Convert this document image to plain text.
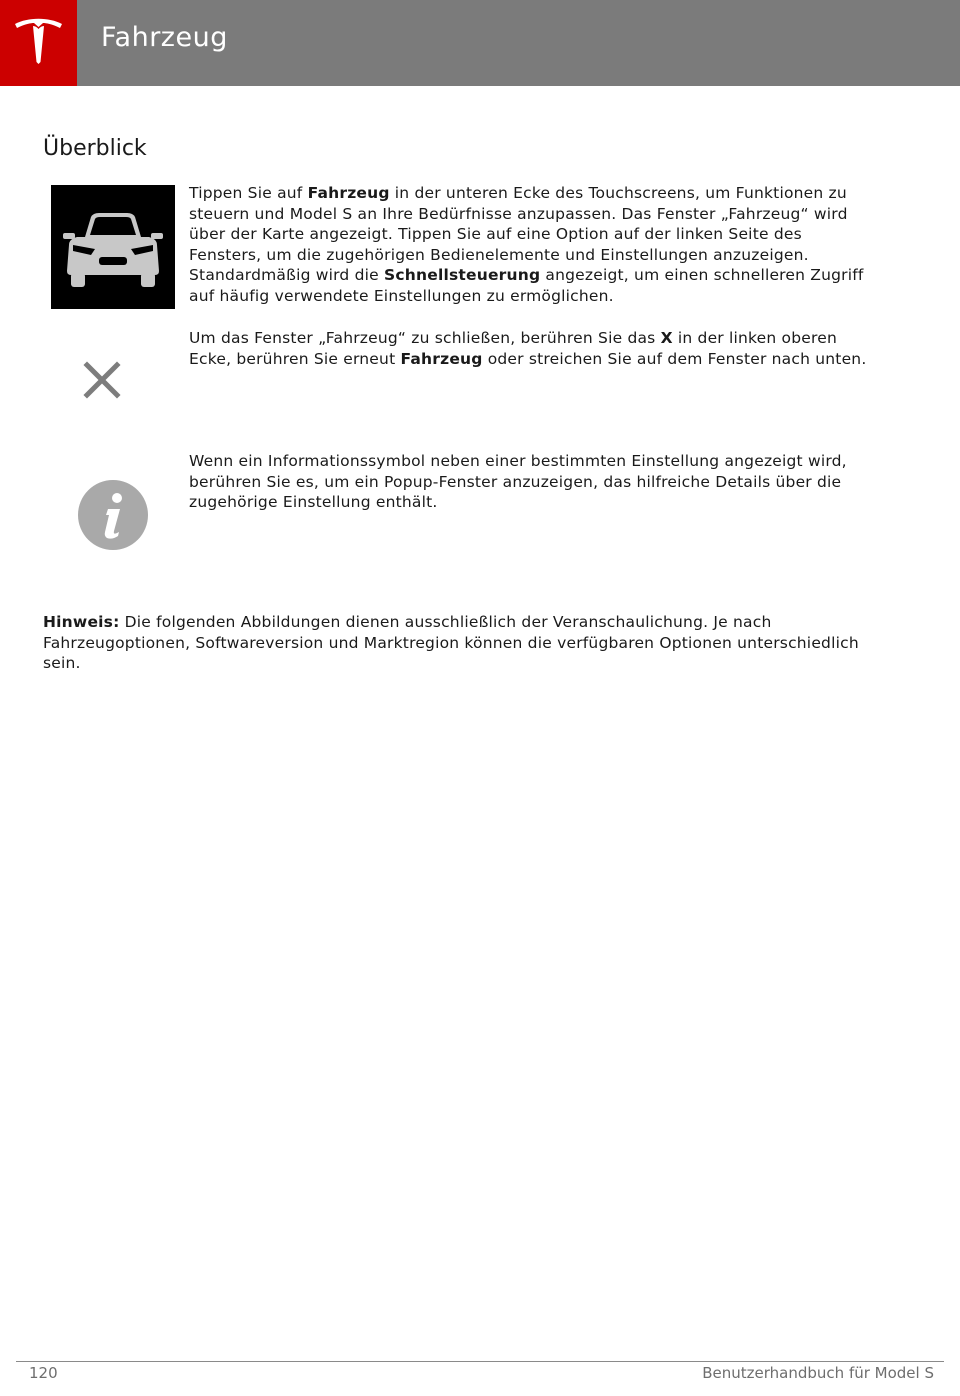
Fahrzeug
Überblick
Tippen Sie auf Fahrzeug in der unteren Ecke des Touchscreens, um Funktionen zu steuern und Model S an Ihre Bedürfnisse anzupassen. Das Fenster „Fahrzeug“ wird über der Karte angezeigt. Tippen Sie auf eine Option auf der linken Seite des Fensters, um die zugehörigen Bedienelemente und Einstellungen anzuzeigen. Standardmäßig wird die Schnellsteuerung angezeigt, um einen schnelleren Zugriff auf häufig verwendete Einstellungen zu ermöglichen.
Um das Fenster „Fahrzeug“ zu schließen, berühren Sie das X in der linken oberen Ecke, berühren Sie erneut Fahrzeug oder streichen Sie auf dem Fenster nach unten.
Wenn ein Informationssymbol neben einer bestimmten Einstellung angezeigt wird, berühren Sie es, um ein Popup-Fenster anzuzeigen, das hilfreiche Details über die zugehörige Einstellung enthält.
Hinweis: Die folgenden Abbildungen dienen ausschließlich der Veranschaulichung. Je nach Fahrzeugoptionen, Softwareversion und Marktregion können die verfügbaren Optionen unterschiedlich sein.
120	Benutzerhandbuch für Model S
